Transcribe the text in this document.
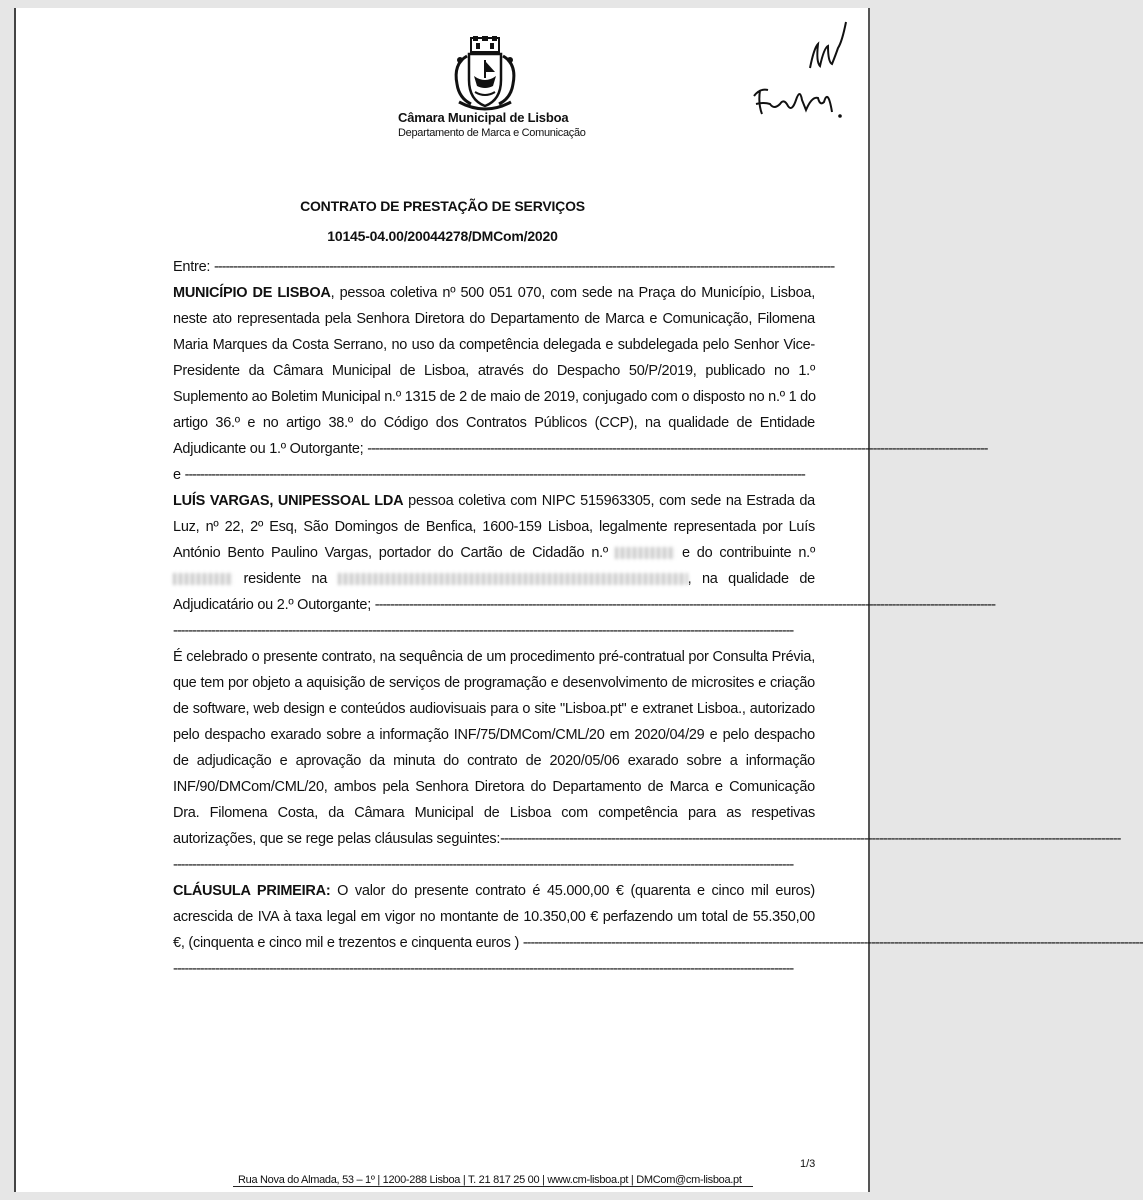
Câmara Municipal de Lisboa
Departamento de Marca e Comunicação
CONTRATO DE PRESTAÇÃO DE SERVIÇOS
10145-04.00/20044278/DMCom/2020
Entre: ------------------------------------------------------------------------------------------------------------------------------------------------------------------
MUNICÍPIO DE LISBOA, pessoa coletiva nº 500 051 070, com sede na Praça do Município, Lisboa,
neste ato representada pela Senhora Diretora do Departamento de Marca e Comunicação, Filomena
Maria Marques da Costa Serrano, no uso da competência delegada e subdelegada pelo Senhor Vice-
Presidente da Câmara Municipal de Lisboa, através do Despacho 50/P/2019, publicado no 1.º
Suplemento ao Boletim Municipal n.º 1315 de 2 de maio de 2019, conjugado com o disposto no n.º 1 do
artigo 36.º e no artigo 38.º do Código dos Contratos Públicos (CCP), na qualidade de Entidade
Adjudicante ou 1.º Outorgante; ------------------------------------------------------------------------------------------------------------------------------------------------------------------
e ------------------------------------------------------------------------------------------------------------------------------------------------------------------
LUÍS VARGAS, UNIPESSOAL LDA pessoa coletiva com NIPC 515963305, com sede na Estrada da
Luz, nº 22, 2º Esq, São Domingos de Benfica, 1600-159 Lisboa, legalmente representada por Luís
António Bento Paulino Vargas, portador do Cartão de Cidadão n.º	e do contribuinte n.º
residente na	, na qualidade de
Adjudicatário ou 2.º Outorgante; ------------------------------------------------------------------------------------------------------------------------------------------------------------------
------------------------------------------------------------------------------------------------------------------------------------------------------------------
É celebrado o presente contrato, na sequência de um procedimento pré-contratual por Consulta Prévia,
que tem por objeto a aquisição de serviços de programação e desenvolvimento de microsites e criação
de software, web design e conteúdos audiovisuais para o site "Lisboa.pt" e extranet Lisboa., autorizado
pelo despacho exarado sobre a informação INF/75/DMCom/CML/20 em 2020/04/29 e pelo despacho
de adjudicação e aprovação da minuta do contrato de 2020/05/06 exarado sobre a informação
INF/90/DMCom/CML/20, ambos pela Senhora Diretora do Departamento de Marca e Comunicação
Dra. Filomena Costa, da Câmara Municipal de Lisboa com competência para as respetivas
autorizações, que se rege pelas cláusulas seguintes:------------------------------------------------------------------------------------------------------------------------------------------------------------------
------------------------------------------------------------------------------------------------------------------------------------------------------------------
CLÁUSULA PRIMEIRA: O valor do presente contrato é 45.000,00 € (quarenta e cinco mil euros)
acrescida de IVA à taxa legal em vigor no montante de 10.350,00 € perfazendo um total de 55.350,00
€, (cinquenta e cinco mil e trezentos e cinquenta euros ) ------------------------------------------------------------------------------------------------------------------------------------------------------------------
------------------------------------------------------------------------------------------------------------------------------------------------------------------
1/3
Rua Nova do Almada, 53 – 1º | 1200-288 Lisboa | T. 21 817 25 00 | www.cm-lisboa.pt | DMCom@cm-lisboa.pt
